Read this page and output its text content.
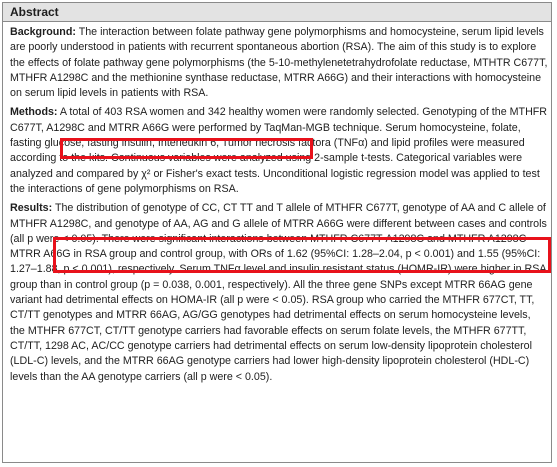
Abstract

Background: The interaction between folate pathway gene polymorphisms and homocysteine, serum lipid levels are poorly understood in patients with recurrent spontaneous abortion (RSA). The aim of this study is to explore the effects of folate pathway gene polymorphisms (the 5-10-methylenetetrahydrofolate reductase, MTHTR C677T, MTHFR A1298C and the methionine synthase reductase, MTRR A66G) and their interactions with homocysteine on serum lipid levels in patients with RSA.

Methods: A total of 403 RSA women and 342 healthy women were randomly selected. Genotyping of the MTHFR C677T, A1298C and MTRR A66G were performed by TaqMan-MGB technique. Serum homocysteine, folate, fasting glucose, fasting insulin, Interleukin 6, Tumor necrosis factora (TNFα) and lipid profiles were measured according to the kits. Continuous variables were analyzed using 2-sample t-tests. Categorical variables were analyzed and compared by χ² or Fisher's exact tests. Unconditional logistic regression model was applied to test the interactions of gene polymorphisms on RSA.

Results: The distribution of genotype of CC, CT TT and T allele of MTHFR C677T, genotype of AA and C allele of MTHFR A1298C, and genotype of AA, AG and G allele of MTRR A66G were different between cases and controls (all p were < 0.05). There were significant interactions between MTHFR C677T-A1298C and MTHFR A1298C-MTRR A66G in RSA group and control group, with ORs of 1.62 (95%CI: 1.28–2.04, p < 0.001) and 1.55 (95%CI: 1.27–1.88, p < 0.001), respectively. Serum TNFα level and insulin resistant status (HOMR-IR) were higher in RSA group than in control group (p = 0.038, 0.001, respectively). All the three gene SNPs except MTRR 66AG gene variant had detrimental effects on HOMA-IR (all p were < 0.05). RSA group who carried the MTHFR 677CT, TT, CT/TT genotypes and MTRR 66AG, AG/GG genotypes had detrimental effects on serum homocysteine levels, the MTHFR 677CT, CT/TT genotype carriers had favorable effects on serum folate levels, the MTHFR 677TT, CT/TT, 1298 AC, AC/CC genotype carriers had detrimental effects on serum low-density lipoprotein cholesterol (LDL-C) levels, and the MTRR 66AG genotype carriers had lower high-density lipoprotein cholesterol (HDL-C) levels than the AA genotype carriers (all p were < 0.05).
